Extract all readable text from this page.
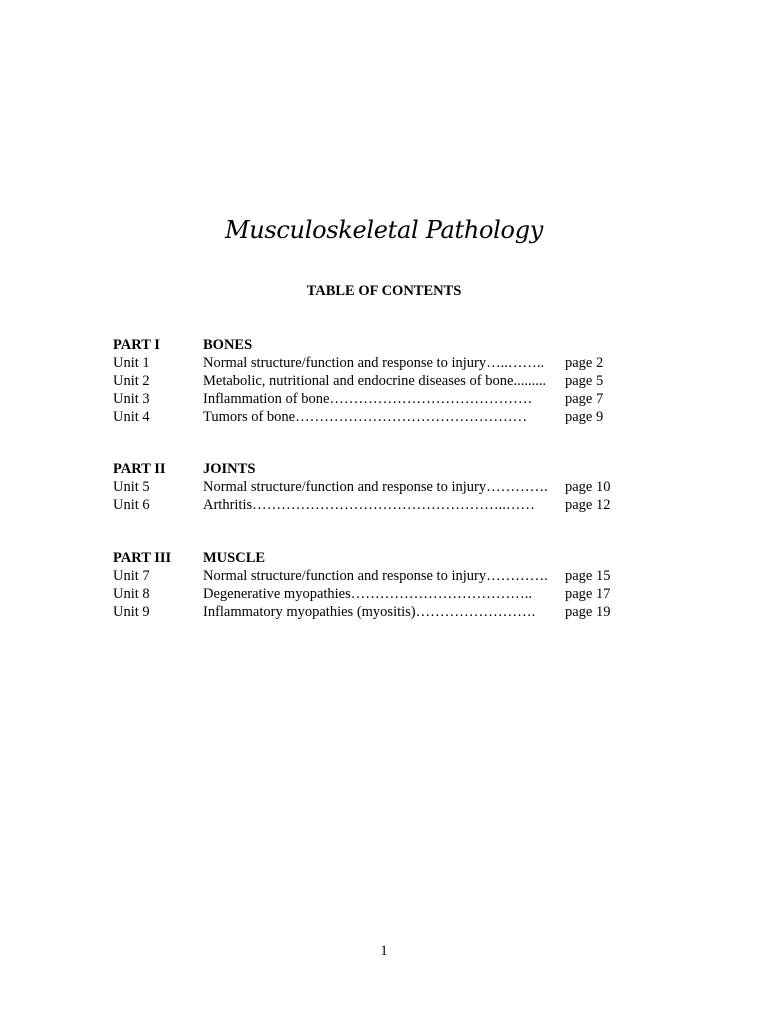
Musculoskeletal Pathology
TABLE OF CONTENTS
PART I	BONES
Unit 1	Normal structure/function and response to injury…..…….. page 2
Unit 2	Metabolic, nutritional and endocrine diseases of bone......... page 5
Unit 3	Inflammation of bone…………………………………… page 7
Unit 4	Tumors of bone…………………………………………	page 9
PART II	JOINTS
Unit 5	Normal structure/function and response to injury…………. page 10
Unit 6	Arthritis……………………………………………..…… page 12
PART III MUSCLE
Unit 7	Normal structure/function and response to injury…………. page 15
Unit 8	Degenerative myopathies……………………………….. page 17
Unit 9	Inflammatory myopathies (myositis)……………………. page 19
1
